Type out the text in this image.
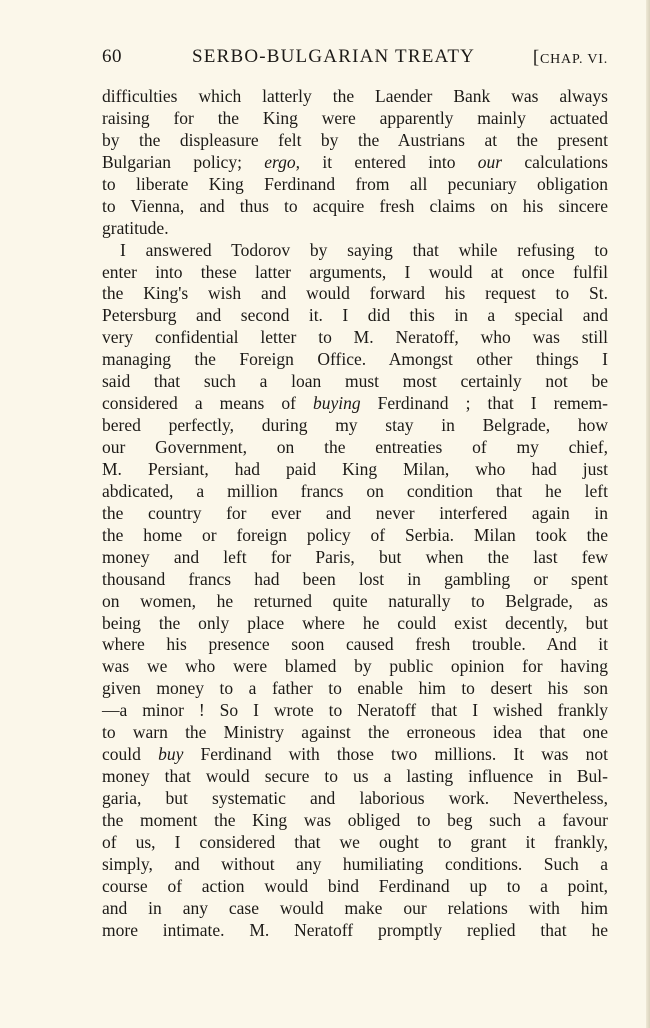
60	SERBO-BULGARIAN TREATY	[CHAP. VI.
difficulties which latterly the Laender Bank was always
raising for the King were apparently mainly actuated
by the displeasure felt by the Austrians at the present
Bulgarian policy; ergo, it entered into our calculations
to liberate King Ferdinand from all pecuniary obligation
to Vienna, and thus to acquire fresh claims on his sincere
gratitude.
I answered Todorov by saying that while refusing to
enter into these latter arguments, I would at once fulfil
the King's wish and would forward his request to St.
Petersburg and second it. I did this in a special and
very confidential letter to M. Neratoff, who was still
managing the Foreign Office. Amongst other things I
said that such a loan must most certainly not be
considered a means of buying Ferdinand ; that I remem-
bered perfectly, during my stay in Belgrade, how
our Government, on the entreaties of my chief,
M. Persiant, had paid King Milan, who had just
abdicated, a million francs on condition that he left
the country for ever and never interfered again in
the home or foreign policy of Serbia. Milan took the
money and left for Paris, but when the last few
thousand francs had been lost in gambling or spent
on women, he returned quite naturally to Belgrade, as
being the only place where he could exist decently, but
where his presence soon caused fresh trouble. And it
was we who were blamed by public opinion for having
given money to a father to enable him to desert his son
—a minor ! So I wrote to Neratoff that I wished frankly
to warn the Ministry against the erroneous idea that one
could buy Ferdinand with those two millions. It was not
money that would secure to us a lasting influence in Bul-
garia, but systematic and laborious work. Nevertheless,
the moment the King was obliged to beg such a favour
of us, I considered that we ought to grant it frankly,
simply, and without any humiliating conditions. Such a
course of action would bind Ferdinand up to a point,
and in any case would make our relations with him
more intimate. M. Neratoff promptly replied that he
